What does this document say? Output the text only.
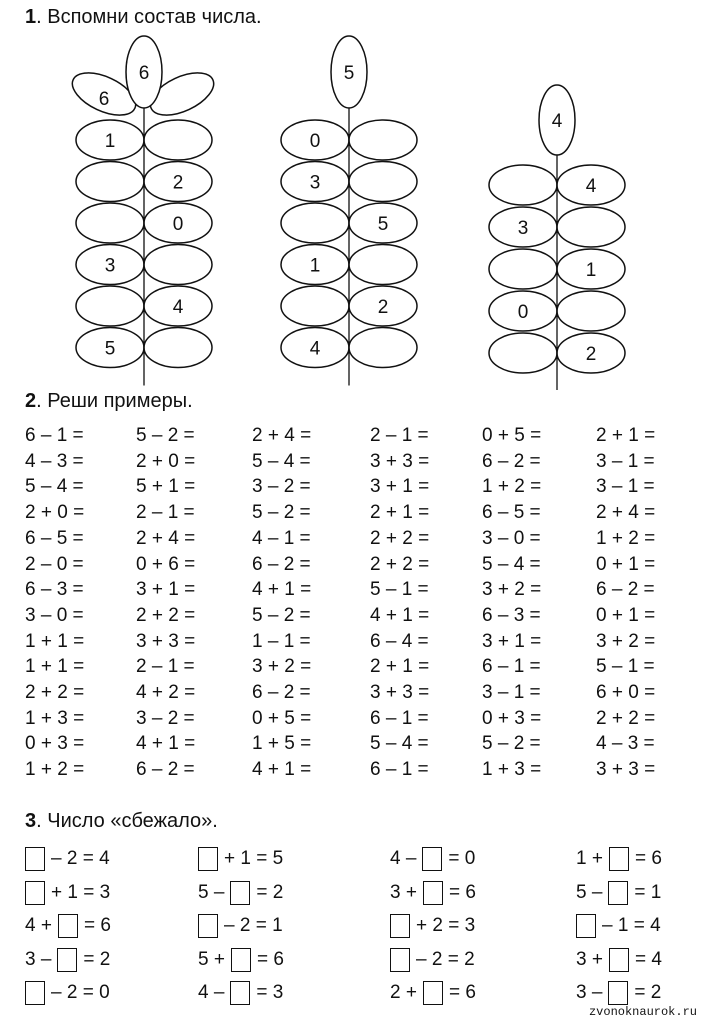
1. Вспомни состав числа.
6
6
1
2
0
3
4
5
5
0
3
5
1
2
4
4
4
3
1
0
2
2. Реши примеры.
6 – 1 =	5 – 2 =	2 + 4 =	2 – 1 =	0 + 5 =	2 + 1 =
4 – 3 =	2 + 0 =	5 – 4 =	3 + 3 =	6 – 2 =	3 – 1 =
5 – 4 =	5 + 1 =	3 – 2 =	3 + 1 =	1 + 2 =	3 – 1 =
2 + 0 =	2 – 1 =	5 – 2 =	2 + 1 =	6 – 5 =	2 + 4 =
6 – 5 =	2 + 4 =	4 – 1 =	2 + 2 =	3 – 0 =	1 + 2 =
2 – 0 =	0 + 6 =	6 – 2 =	2 + 2 =	5 – 4 =	0 + 1 =
6 – 3 =	3 + 1 =	4 + 1 =	5 – 1 =	3 + 2 =	6 – 2 =
3 – 0 =	2 + 2 =	5 – 2 =	4 + 1 =	6 – 3 =	0 + 1 =
1 + 1 =	3 + 3 =	1 – 1 =	6 – 4 =	3 + 1 =	3 + 2 =
1 + 1 =	2 – 1 =	3 + 2 =	2 + 1 =	6 – 1 =	5 – 1 =
2 + 2 =	4 + 2 =	6 – 2 =	3 + 3 =	3 – 1 =	6 + 0 =
1 + 3 =	3 – 2 =	0 + 5 =	6 – 1 =	0 + 3 =	2 + 2 =
0 + 3 =	4 + 1 =	1 + 5 =	5 – 4 =	5 – 2 =	4 – 3 =
1 + 2 =	6 – 2 =	4 + 1 =	6 – 1 =	1 + 3 =	3 + 3 =
3. Число «сбежало».
– 2 = 4	+ 1 = 5	4 – = 0	1 + = 6
+ 1 = 3	5 – = 2	3 + = 6	5 – = 1
4 + = 6	– 2 = 1	+ 2 = 3	– 1 = 4
3 – = 2	5 + = 6	– 2 = 2	3 + = 4
– 2 = 0	4 – = 3	2 + = 6	3 – = 2
zvonoknaurok.ru
